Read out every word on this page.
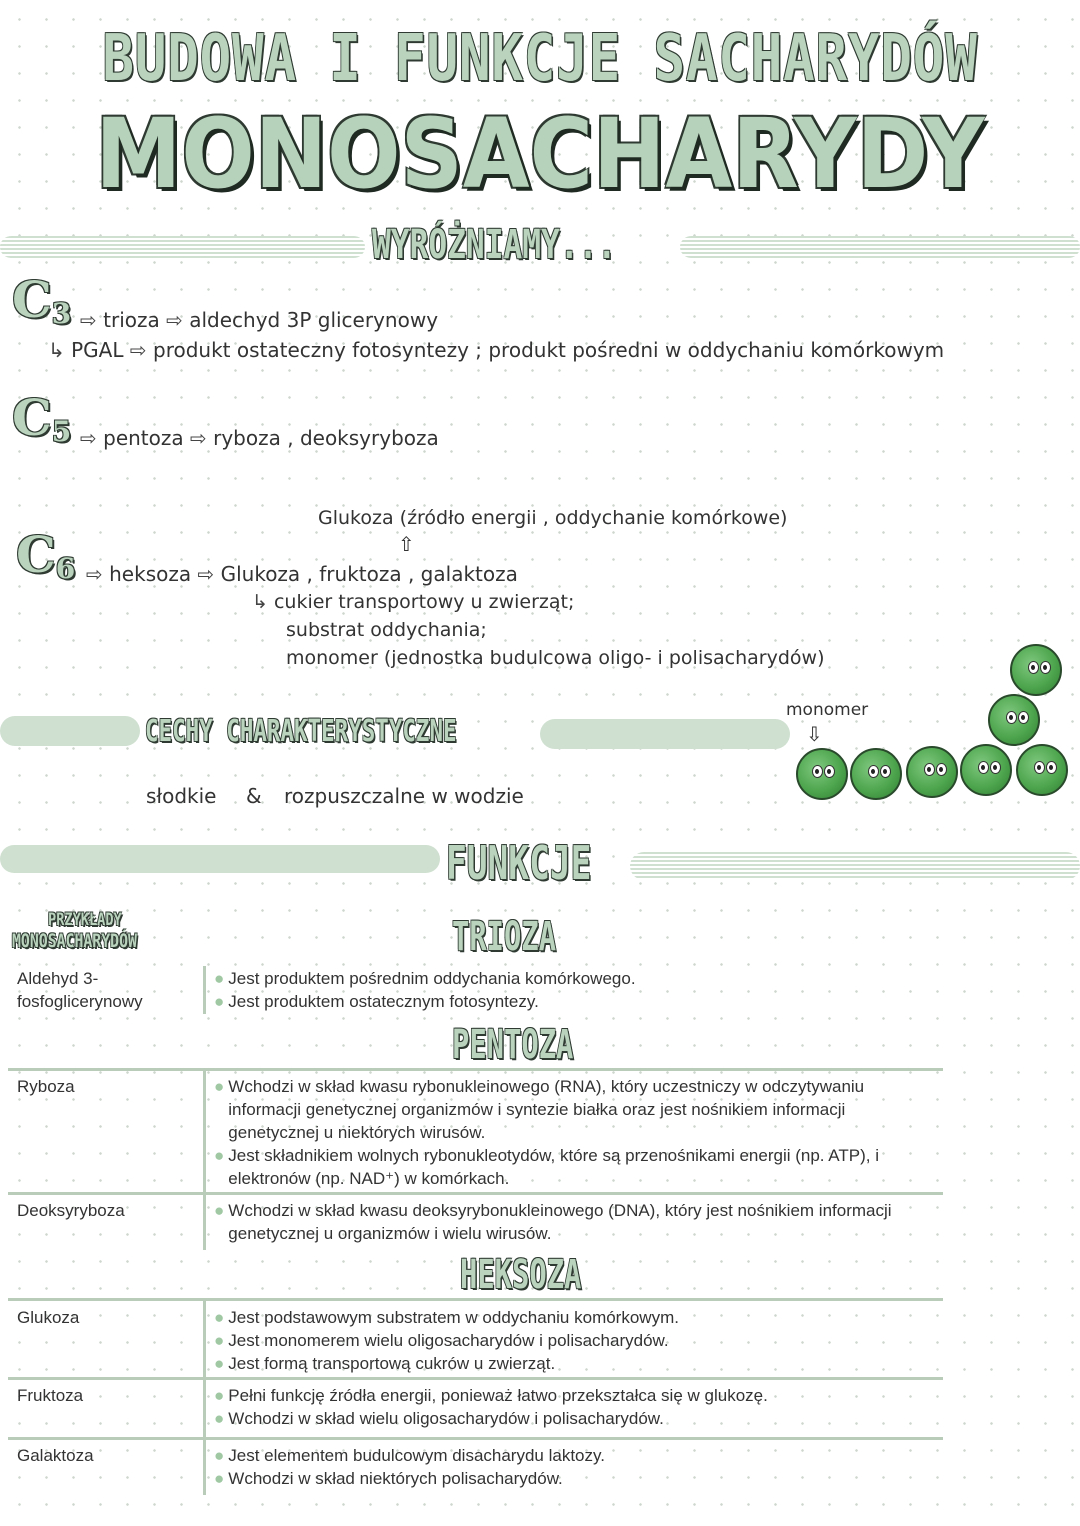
BUDOWA I FUNKCJE SACHARYDÓW
MONOSACHARYDY
WYRÓŻNIAMY...
$C_3$ ⇨ trioza ⇨ aldechyd 3P glicerynowy
↳ PGAL ⇨ produkt ostateczny fotosyntezy ; produkt pośredni w oddychaniu komórkowym
$C_5$ ⇨ pentoza ⇨ ryboza , deoksyryboza
Glukoza (źródło energii , oddychanie komórkowe)
⇧
$C_6$ ⇨ heksoza ⇨ Glukoza , fruktoza , galaktoza
↳ cukier transportowy u zwierząt;
substrat oddychania;
monomer (jednostka budulcowa oligo- i polisacharydów)
CECHY CHARAKTERYSTYCZNE
słodkie & rozpuszczalne w wodzie
monomer
⇩
FUNKCJE
PRZYKŁADY
MONOSACHARYDÓW	TRIOZA
Aldehyd 3-fosfoglicerynowy
● Jest produktem pośrednim oddychania komórkowego.
● Jest produktem ostatecznym fotosyntezy.
PENTOZA
Ryboza	● Wchodzi w skład kwasu rybonukleinowego (RNA), który uczestniczy w odczytywaniu informacji genetycznej organizmów i syntezie białka oraz jest nośnikiem informacji genetycznej u niektórych wirusów.
● Jest składnikiem wolnych rybonukleotydów, które są przenośnikami energii (np. ATP), i elektronów (np. NAD⁺) w komórkach.
Deoksyryboza	● Wchodzi w skład kwasu deoksyrybonukleinowego (DNA), który jest nośnikiem informacji genetycznej u organizmów i wielu wirusów.
HEKSOZA
Glukoza	● Jest podstawowym substratem w oddychaniu komórkowym.
● Jest monomerem wielu oligosacharydów i polisacharydów.
● Jest formą transportową cukrów u zwierząt.
Fruktoza	● Pełni funkcję źródła energii, ponieważ łatwo przekształca się w glukozę.
● Wchodzi w skład wielu oligosacharydów i polisacharydów.
Galaktoza	● Jest elementem budulcowym disacharydu laktozy.
● Wchodzi w skład niektórych polisacharydów.
